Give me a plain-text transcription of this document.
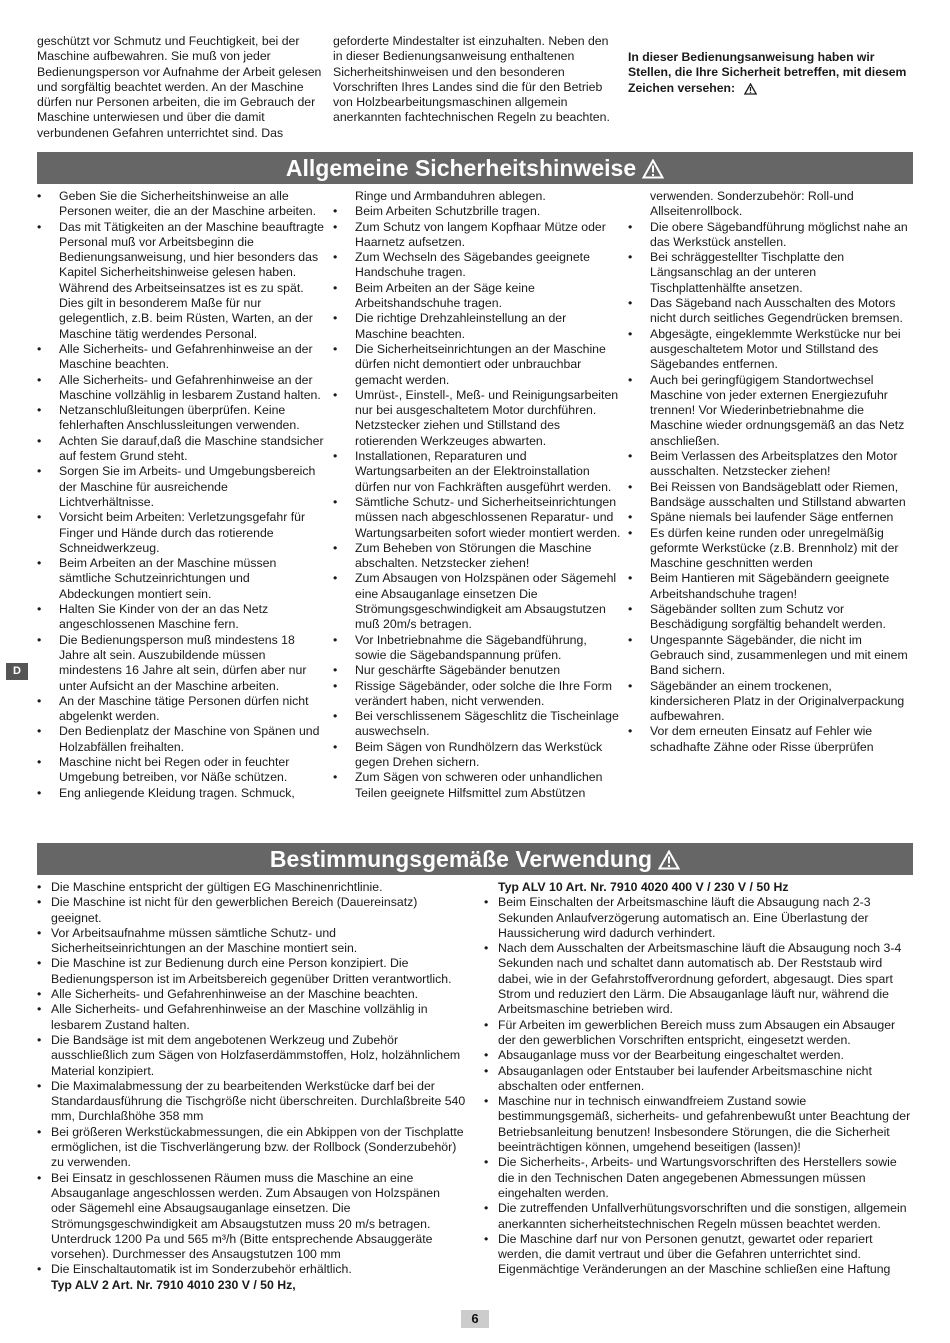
geschützt vor Schmutz und Feuchtigkeit, bei der Maschine aufbewahren. Sie muß von jeder Bedienungsperson vor Aufnahme der Arbeit gelesen und sorgfältig beachtet werden. An der Maschine dürfen nur Personen arbeiten, die im Gebrauch der Maschine unterwiesen und über die damit verbundenen Gefahren unterrichtet sind. Das
geforderte Mindestalter ist einzuhalten. Neben den in dieser Bedienungsanweisung enthaltenen Sicherheitshinweisen und den besonderen Vorschriften Ihres Landes sind die für den Betrieb von Holzbearbeitungsmaschinen allgemein anerkannten fachtechnischen Regeln zu beachten.
In dieser Bedienungsanweisung haben wir Stellen, die Ihre Sicherheit betreffen, mit diesem Zeichen versehen:
Allgemeine Sicherheitshinweise
• Geben Sie die Sicherheitshinweise an alle Personen weiter, die an der Maschine arbeiten.
• Das mit Tätigkeiten an der Maschine beauftragte Personal muß vor Arbeitsbeginn die Bedienungsanweisung, und hier besonders das Kapitel Sicherheitshinweise gelesen haben. Während des Arbeitseinsatzes ist es zu spät. Dies gilt in besonderem Maße für nur gelegentlich, z.B. beim Rüsten, Warten, an der Maschine tätig werdendes Personal.
• Alle Sicherheits- und Gefahrenhinweise an der Maschine beachten.
• Alle Sicherheits- und Gefahrenhinweise an der Maschine vollzählig in lesbarem Zustand halten.
• Netzanschlußleitungen überprüfen. Keine fehlerhaften Anschlussleitungen verwenden.
• Achten Sie darauf,daß die Maschine standsicher auf festem Grund steht.
• Sorgen Sie im Arbeits- und Umgebungsbereich der Maschine für ausreichende Lichtverhältnisse.
• Vorsicht beim Arbeiten: Verletzungsgefahr für Finger und Hände durch das rotierende Schneidwerkzeug.
• Beim Arbeiten an der Maschine müssen sämtliche Schutzeinrichtungen und Abdeckungen montiert sein.
• Halten Sie Kinder von der an das Netz angeschlossenen Maschine fern.
• Die Bedienungsperson muß mindestens 18 Jahre alt sein. Auszubildende müssen mindestens 16 Jahre alt sein, dürfen aber nur unter Aufsicht an der Maschine arbeiten.
• An der Maschine tätige Personen dürfen nicht abgelenkt werden.
• Den Bedienplatz der Maschine von Spänen und Holzabfällen freihalten.
• Maschine nicht bei Regen oder in feuchter Umgebung betreiben, vor Näße schützen.
• Eng anliegende Kleidung tragen. Schmuck,
Ringe und Armbanduhren ablegen.
• Beim Arbeiten Schutzbrille tragen.
• Zum Schutz von langem Kopfhaar Mütze oder Haarnetz aufsetzen.
• Zum Wechseln des Sägebandes geeignete Handschuhe tragen.
• Beim Arbeiten an der Säge keine Arbeitshandschuhe tragen.
• Die richtige Drehzahleinstellung an der Maschine beachten.
• Die Sicherheitseinrichtungen an der Maschine dürfen nicht demontiert oder unbrauchbar gemacht werden.
• Umrüst-, Einstell-, Meß- und Reinigungsarbeiten nur bei ausgeschaltetem Motor durchführen. Netzstecker ziehen und Stillstand des rotierenden Werkzeuges abwarten.
• Installationen, Reparaturen und Wartungsarbeiten an der Elektroinstallation dürfen nur von Fachkräften ausgeführt werden.
• Sämtliche Schutz- und Sicherheitseinrichtungen müssen nach abgeschlossenen Reparatur- und Wartungsarbeiten sofort wieder montiert werden.
• Zum Beheben von Störungen die Maschine abschalten. Netzstecker ziehen!
• Zum Absaugen von Holzspänen oder Sägemehl eine Absauganlage einsetzen Die Strömungsgeschwindigkeit am Absaugstutzen muß 20m/s betragen.
• Vor Inbetriebnahme die Sägebandführung, sowie die Sägebandspannung prüfen.
• Nur geschärfte Sägebänder benutzen
• Rissige Sägebänder, oder solche die Ihre Form verändert haben, nicht verwenden.
• Bei verschlissenem Sägeschlitz die Tischeinlage auswechseln.
• Beim Sägen von Rundhölzern das Werkstück gegen Drehen sichern.
• Zum Sägen von schweren oder unhandlichen Teilen geeignete Hilfsmittel zum Abstützen
verwenden. Sonderzubehör: Roll-und Allseitenrollbock.
• Die obere Sägebandführung möglichst nahe an das Werkstück anstellen.
• Bei schräggestellter Tischplatte den Längsanschlag an der unteren Tischplattenhälfte ansetzen.
• Das Sägeband nach Ausschalten des Motors nicht durch seitliches Gegendrücken bremsen.
• Abgesägte, eingeklemmte Werkstücke nur bei ausgeschaltetem Motor und Stillstand des Sägebandes entfernen.
• Auch bei geringfügigem Standortwechsel Maschine von jeder externen Energiezufuhr trennen! Vor Wiederinbetriebnahme die Maschine wieder ordnungsgemäß an das Netz anschließen.
• Beim Verlassen des Arbeitsplatzes den Motor ausschalten. Netzstecker ziehen!
• Bei Reissen von Bandsägeblatt oder Riemen, Bandsäge ausschalten und Stillstand abwarten
• Späne niemals bei laufender Säge entfernen
• Es dürfen keine runden oder unregelmäßig geformte Werkstücke (z.B. Brennholz) mit der Maschine geschnitten werden
• Beim Hantieren mit Sägebändern geeignete Arbeitshandschuhe tragen!
• Sägebänder sollten zum Schutz vor Beschädigung sorgfältig behandelt werden.
• Ungespannte Sägebänder, die nicht im Gebrauch sind, zusammenlegen und mit einem Band sichern.
• Sägebänder an einem trockenen, kindersicheren Platz in der Originalverpackung aufbewahren.
• Vor dem erneuten Einsatz auf Fehler wie schadhafte Zähne oder Risse überprüfen
D
Bestimmungsgemäße Verwendung
• Die Maschine entspricht der gültigen EG Maschinenrichtlinie.
• Die Maschine ist nicht für den gewerblichen Bereich (Dauereinsatz) geeignet.
• Vor Arbeitsaufnahme müssen sämtliche Schutz- und Sicherheitseinrichtungen an der Maschine montiert sein.
• Die Maschine ist zur Bedienung durch eine Person konzipiert. Die Bedienungsperson ist im Arbeitsbereich gegenüber Dritten verantwortlich.
• Alle Sicherheits- und Gefahrenhinweise an der Maschine beachten.
• Alle Sicherheits- und Gefahrenhinweise an der Maschine vollzählig in lesbarem Zustand halten.
• Die Bandsäge ist mit dem angebotenen Werkzeug und Zubehör ausschließlich zum Sägen von Holzfaserdämmstoffen, Holz, holzähnlichem Material konzipiert.
• Die Maximalabmessung der zu bearbeitenden Werkstücke darf bei der Standardausführung die Tischgröße nicht überschreiten. Durchlaßbreite 540 mm, Durchlaßhöhe 358 mm
• Bei größeren Werkstückabmessungen, die ein Abkippen von der Tischplatte ermöglichen, ist die Tischverlängerung bzw. der Rollbock (Sonderzubehör) zu verwenden.
• Bei Einsatz in geschlossenen Räumen muss die Maschine an eine Absauganlage angeschlossen werden. Zum Absaugen von Holzspänen oder Sägemehl eine Absaugsauganlage einsetzen. Die Strömungsgeschwindigkeit am Absaugstutzen muss 20 m/s betragen. Unterdruck 1200 Pa und 565 m³/h (Bitte entsprechende Absauggeräte vorsehen). Durchmesser des Ansaugstutzen 100 mm
• Die Einschaltautomatik ist im Sonderzubehör erhältlich.
Typ ALV 2 Art. Nr. 7910 4010 230 V / 50 Hz,
Typ ALV 10 Art. Nr. 7910 4020 400 V / 230 V / 50 Hz
• Beim Einschalten der Arbeitsmaschine läuft die Absaugung nach 2-3 Sekunden Anlaufverzögerung automatisch an. Eine Überlastung der Haussicherung wird dadurch verhindert.
• Nach dem Ausschalten der Arbeitsmaschine läuft die Absaugung noch 3-4 Sekunden nach und schaltet dann automatisch ab. Der Reststaub wird dabei, wie in der Gefahrstoffverordnung gefordert, abgesaugt. Dies spart Strom und reduziert den Lärm. Die Absauganlage läuft nur, während die Arbeitsmaschine betrieben wird.
• Für Arbeiten im gewerblichen Bereich muss zum Absaugen ein Absauger der den gewerblichen Vorschriften entspricht, eingesetzt werden.
• Absauganlage muss vor der Bearbeitung eingeschaltet werden.
• Absauganlagen oder Entstauber bei laufender Arbeitsmaschine nicht abschalten oder entfernen.
• Maschine nur in technisch einwandfreiem Zustand sowie bestimmungsgemäß, sicherheits- und gefahrenbewußt unter Beachtung der Betriebsanleitung benutzen! Insbesondere Störungen, die die Sicherheit beeinträchtigen können, umgehend beseitigen (lassen)!
• Die Sicherheits-, Arbeits- und Wartungsvorschriften des Herstellers sowie die in den Technischen Daten angegebenen Abmessungen müssen eingehalten werden.
• Die zutreffenden Unfallverhütungsvorschriften und die sonstigen, allgemein anerkannten sicherheitstechnischen Regeln müssen beachtet werden.
• Die Maschine darf nur von Personen genutzt, gewartet oder repariert werden, die damit vertraut und über die Gefahren unterrichtet sind. Eigenmächtige Veränderungen an der Maschine schließen eine Haftung
6
